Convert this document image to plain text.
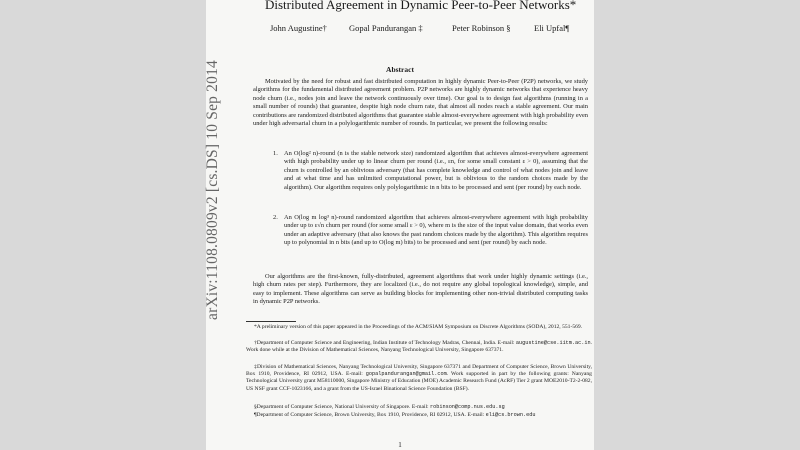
arXiv:1108.0809v2 [cs.DS] 10 Sep 2014
Distributed Agreement in Dynamic Peer-to-Peer Networks*
John Augustine†	Gopal Pandurangan ‡	Peter Robinson §	Eli Upfal¶
Abstract
Motivated by the need for robust and fast distributed computation in highly dynamic Peer-to-Peer (P2P) networks, we study algorithms for the fundamental distributed agreement problem. P2P networks are highly dynamic networks that experience heavy node churn (i.e., nodes join and leave the network continuously over time). Our goal is to design fast algorithms (running in a small number of rounds) that guarantee, despite high node churn rate, that almost all nodes reach a stable agreement. Our main contributions are randomized distributed algorithms that guarantee stable almost-everywhere agreement with high probability even under high adversarial churn in a polylogarithmic number of rounds. In particular, we present the following results:
1. An O(log² n)-round (n is the stable network size) randomized algorithm that achieves almost-everywhere agreement with high probability under up to linear churn per round (i.e., εn, for some small constant ε > 0), assuming that the churn is controlled by an oblivious adversary (that has complete knowledge and control of what nodes join and leave and at what time and has unlimited computational power, but is oblivious to the random choices made by the algorithm). Our algorithm requires only polylogarithmic in n bits to be processed and sent (per round) by each node.
2. An O(log m log³ n)-round randomized algorithm that achieves almost-everywhere agreement with high probability under up to ε√n churn per round (for some small ε > 0), where m is the size of the input value domain, that works even under an adaptive adversary (that also knows the past random choices made by the algorithm). This algorithm requires up to polynomial in n bits (and up to O(log m) bits) to be processed and sent (per round) by each node.
Our algorithms are the first-known, fully-distributed, agreement algorithms that work under highly dynamic settings (i.e., high churn rates per step). Furthermore, they are localized (i.e., do not require any global topological knowledge), simple, and easy to implement. These algorithms can serve as building blocks for implementing other non-trivial distributed computing tasks in dynamic P2P networks.
*A preliminary version of this paper appeared in the Proceedings of the ACM/SIAM Symposium on Discrete Algorithms (SODA), 2012, 551-569.
†Department of Computer Science and Engineering, Indian Institute of Technology Madras, Chennai, India. E-mail: augustine@cse.iitm.ac.in. Work done while at the Division of Mathematical Sciences, Nanyang Technological University, Singapore 637371.
‡Division of Mathematical Sciences, Nanyang Technological University, Singapore 637371 and Department of Computer Science, Brown University, Box 1910, Providence, RI 02912, USA. E-mail: gopalpandurangan@gmail.com. Work supported in part by the following grants: Nanyang Technological University grant M58110000, Singapore Ministry of Education (MOE) Academic Research Fund (AcRF) Tier 2 grant MOE2010-T2-2-082, US NSF grant CCF-1023166, and a grant from the US-Israel Binational Science Foundation (BSF).
§Department of Computer Science, National University of Singapore. E-mail: robinson@comp.nus.edu.sg
¶Department of Computer Science, Brown University, Box 1910, Providence, RI 02912, USA. E-mail: eli@cs.brown.edu
1
